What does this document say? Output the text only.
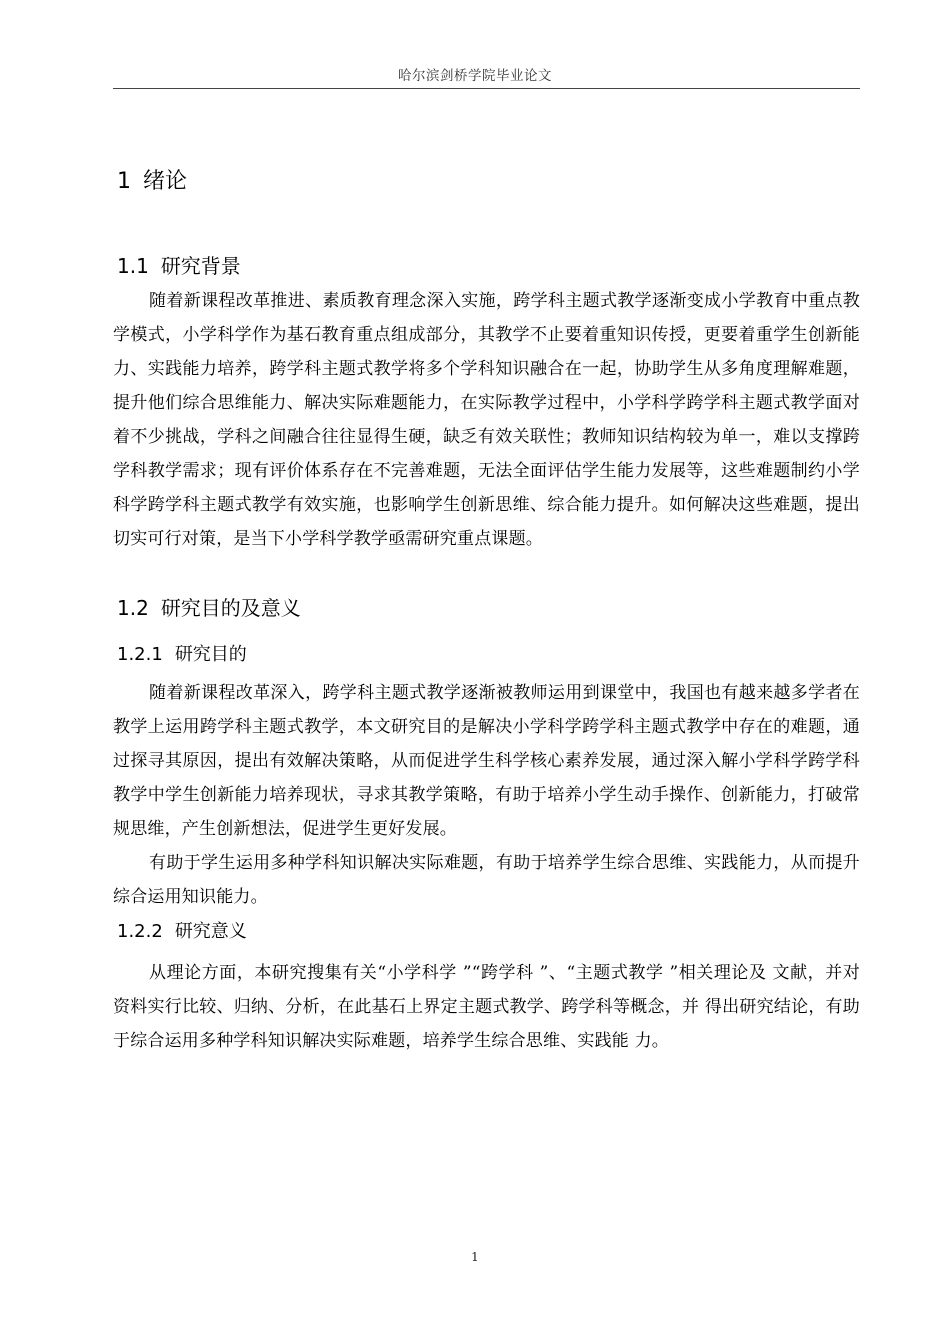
哈尔滨剑桥学院毕业论文
1 绪论
1.1 研究背景

随着新课程改革推进、素质教育理念深入实施，跨学科主题式教学逐渐变成小学教育中重点教学模式，小学科学作为基石教育重点组成部分，其教学不止要着重知识传授，更要着重学生创新能力、实践能力培养，跨学科主题式教学将多个学科知识融合在一起，协助学生从多角度理解难题，提升他们综合思维能力、解决实际难题能力，在实际教学过程中，小学科学跨学科主题式教学面对着不少挑战，学科之间融合往往显得生硬，缺乏有效关联性；教师知识结构较为单一，难以支撑跨学科教学需求；现有评价体系存在不完善难题，无法全面评估学生能力发展等，这些难题制约小学科学跨学科主题式教学有效实施，也影响学生创新思维、综合能力提升。如何解决这些难题，提出切实可行对策，是当下小学科学教学亟需研究重点课题。

1.2 研究目的及意义
1.2.1 研究目的

随着新课程改革深入，跨学科主题式教学逐渐被教师运用到课堂中，我国也有越来越多学者在教学上运用跨学科主题式教学，本文研究目的是解决小学科学跨学科主题式教学中存在的难题，通过探寻其原因，提出有效解决策略，从而促进学生科学核心素养发展，通过深入解小学科学跨学科教学中学生创新能力培养现状，寻求其教学策略，有助于培养小学生动手操作、创新能力，打破常规思维，产生创新想法，促进学生更好发展。

有助于学生运用多种学科知识解决实际难题，有助于培养学生综合思维、实践能力，从而提升综合运用知识能力。

1.2.2 研究意义

从理论方面，本研究搜集有关“小学科学 ”“跨学科 ”、“主题式教学 ”相关理论及 文献，并对资料实行比较、归纳、分析，在此基石上界定主题式教学、跨学科等概念，并 得出研究结论，有助于综合运用多种学科知识解决实际难题，培养学生综合思维、实践能 力。

1
